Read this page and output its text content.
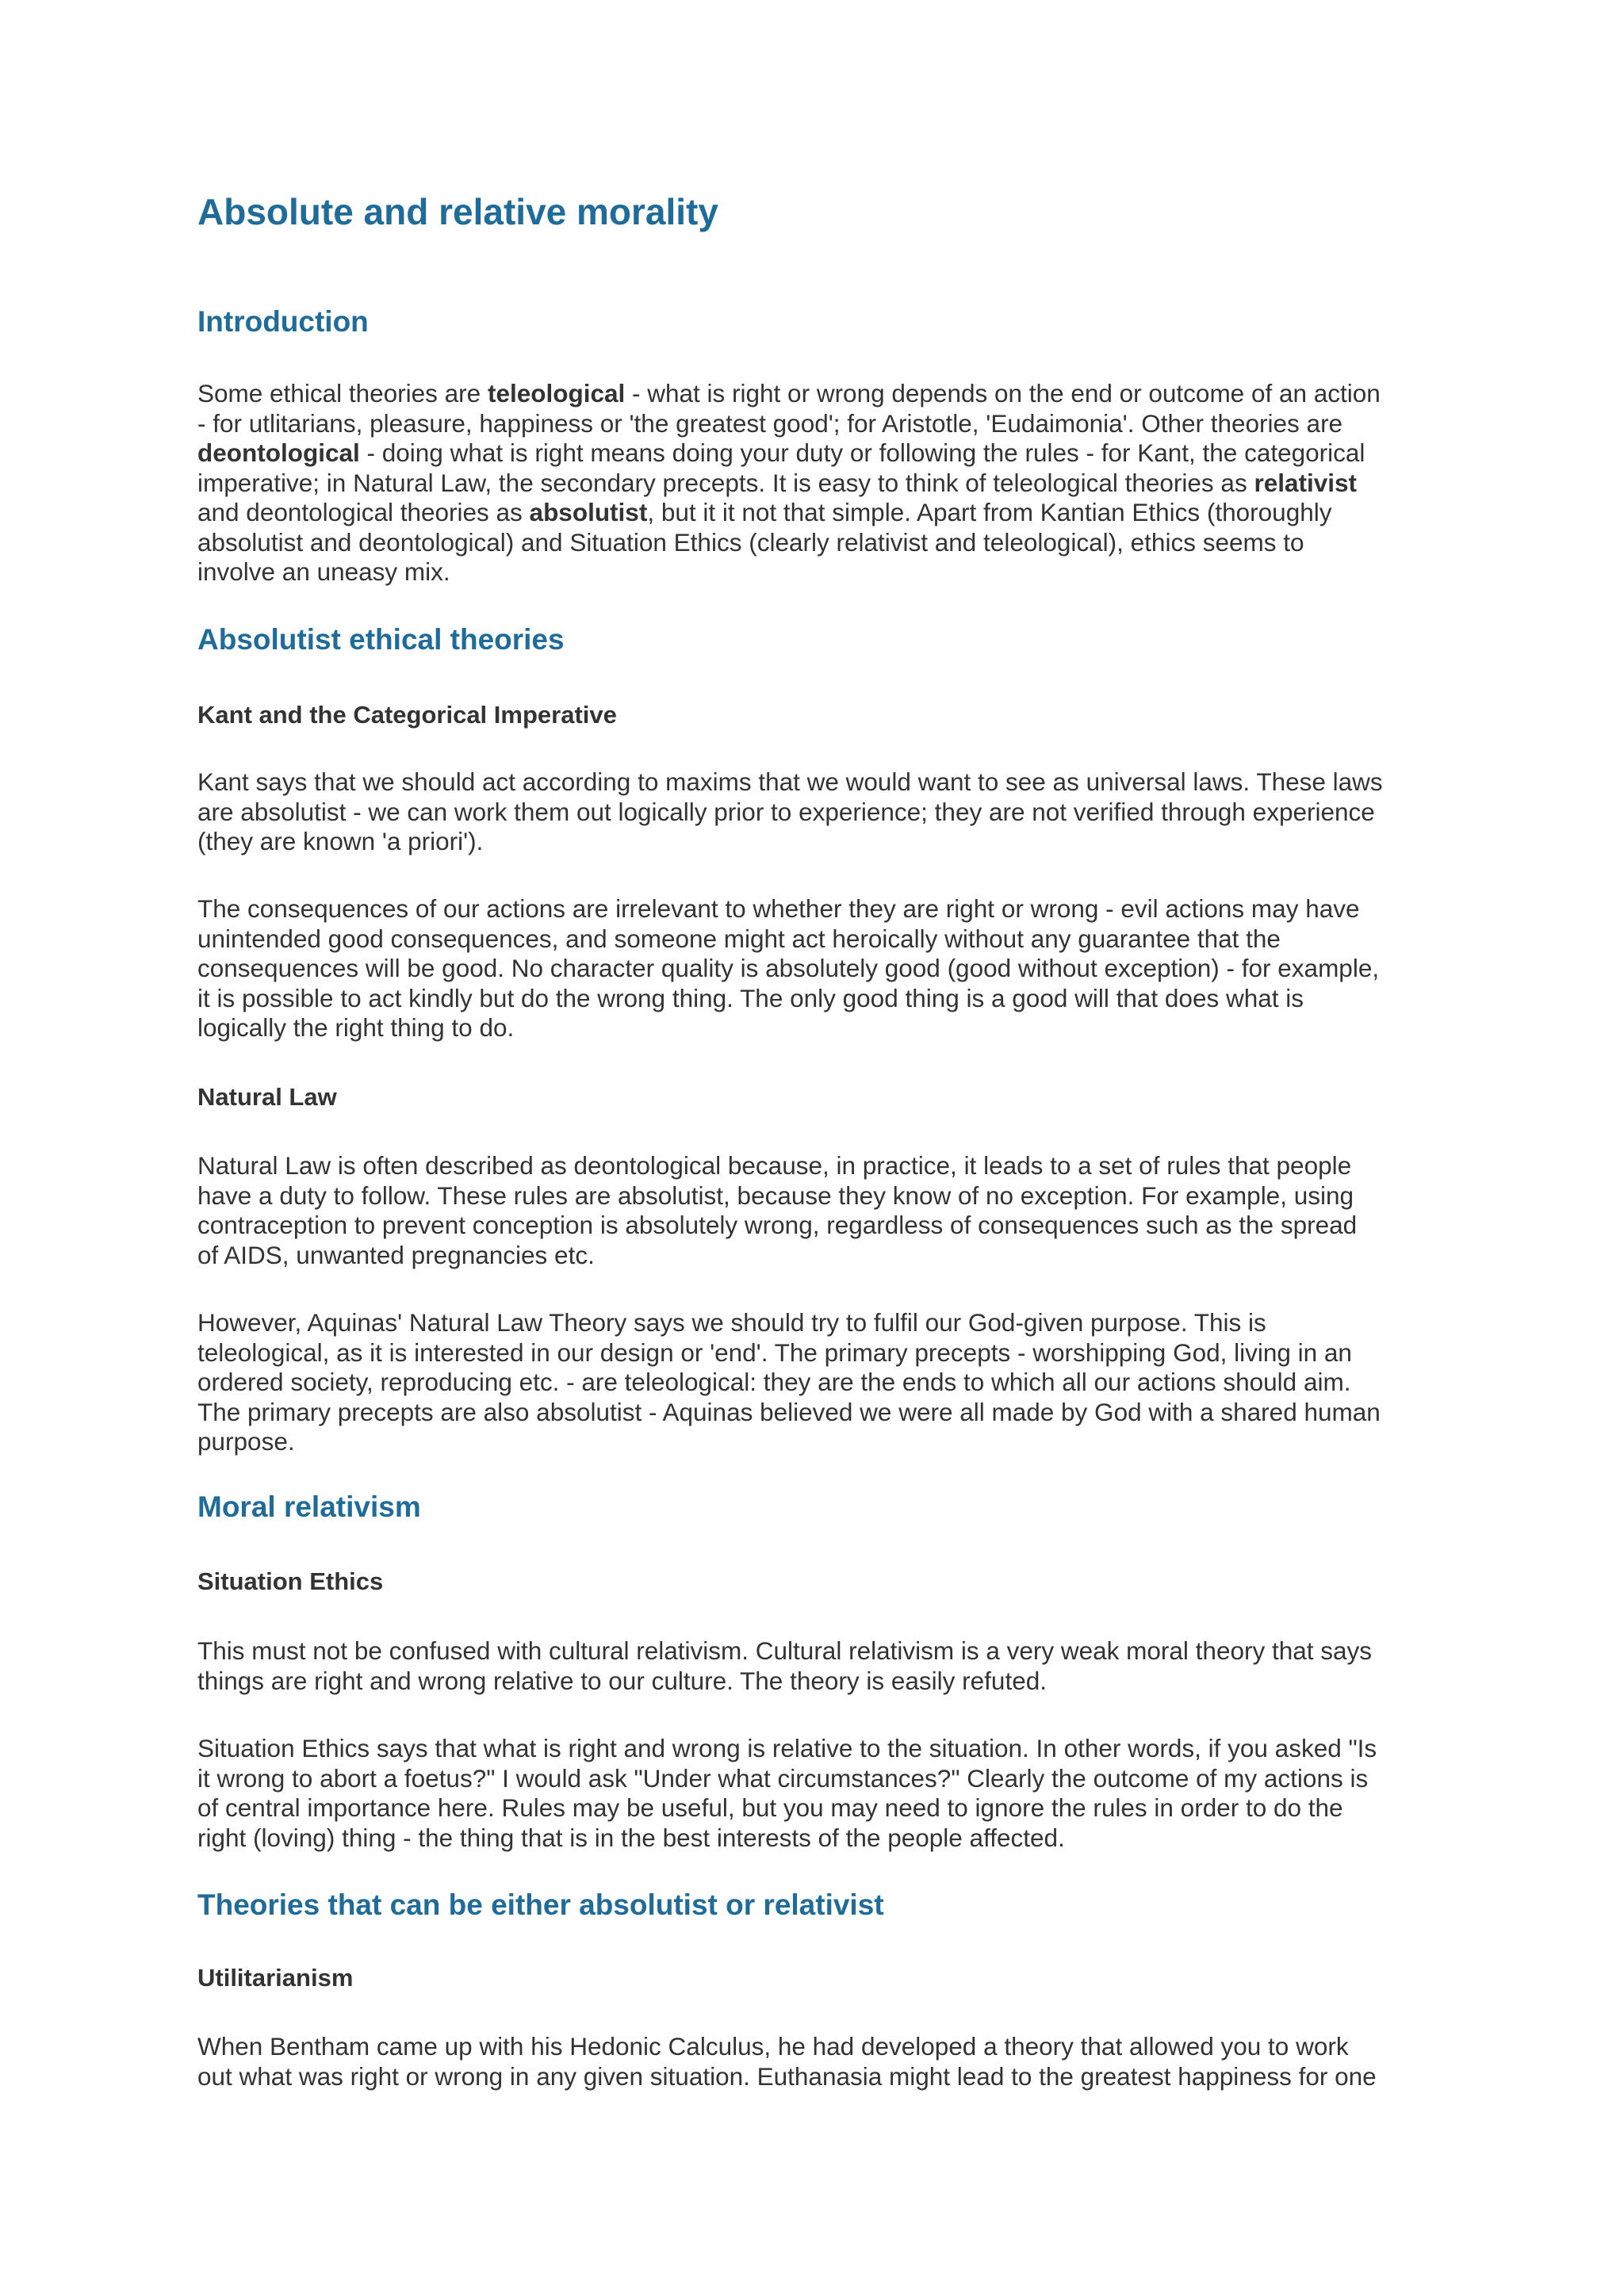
Absolute and relative morality
Introduction
Some ethical theories are teleological - what is right or wrong depends on the end or outcome of an action
- for utlitarians, pleasure, happiness or 'the greatest good'; for Aristotle, 'Eudaimonia'. Other theories are
deontological - doing what is right means doing your duty or following the rules - for Kant, the categorical
imperative; in Natural Law, the secondary precepts. It is easy to think of teleological theories as relativist
and deontological theories as absolutist, but it it not that simple. Apart from Kantian Ethics (thoroughly
absolutist and deontological) and Situation Ethics (clearly relativist and teleological), ethics seems to
involve an uneasy mix.
Absolutist ethical theories
Kant and the Categorical Imperative
Kant says that we should act according to maxims that we would want to see as universal laws. These laws
are absolutist - we can work them out logically prior to experience; they are not verified through experience
(they are known 'a priori').
The consequences of our actions are irrelevant to whether they are right or wrong - evil actions may have
unintended good consequences, and someone might act heroically without any guarantee that the
consequences will be good. No character quality is absolutely good (good without exception) - for example,
it is possible to act kindly but do the wrong thing. The only good thing is a good will that does what is
logically the right thing to do.
Natural Law
Natural Law is often described as deontological because, in practice, it leads to a set of rules that people
have a duty to follow. These rules are absolutist, because they know of no exception. For example, using
contraception to prevent conception is absolutely wrong, regardless of consequences such as the spread
of AIDS, unwanted pregnancies etc.
However, Aquinas' Natural Law Theory says we should try to fulfil our God-given purpose. This is
teleological, as it is interested in our design or 'end'. The primary precepts - worshipping God, living in an
ordered society, reproducing etc. - are teleological: they are the ends to which all our actions should aim.
The primary precepts are also absolutist - Aquinas believed we were all made by God with a shared human
purpose.
Moral relativism
Situation Ethics
This must not be confused with cultural relativism. Cultural relativism is a very weak moral theory that says
things are right and wrong relative to our culture. The theory is easily refuted.
Situation Ethics says that what is right and wrong is relative to the situation. In other words, if you asked "Is
it wrong to abort a foetus?" I would ask "Under what circumstances?" Clearly the outcome of my actions is
of central importance here. Rules may be useful, but you may need to ignore the rules in order to do the
right (loving) thing - the thing that is in the best interests of the people affected.
Theories that can be either absolutist or relativist
Utilitarianism
When Bentham came up with his Hedonic Calculus, he had developed a theory that allowed you to work
out what was right or wrong in any given situation. Euthanasia might lead to the greatest happiness for one
